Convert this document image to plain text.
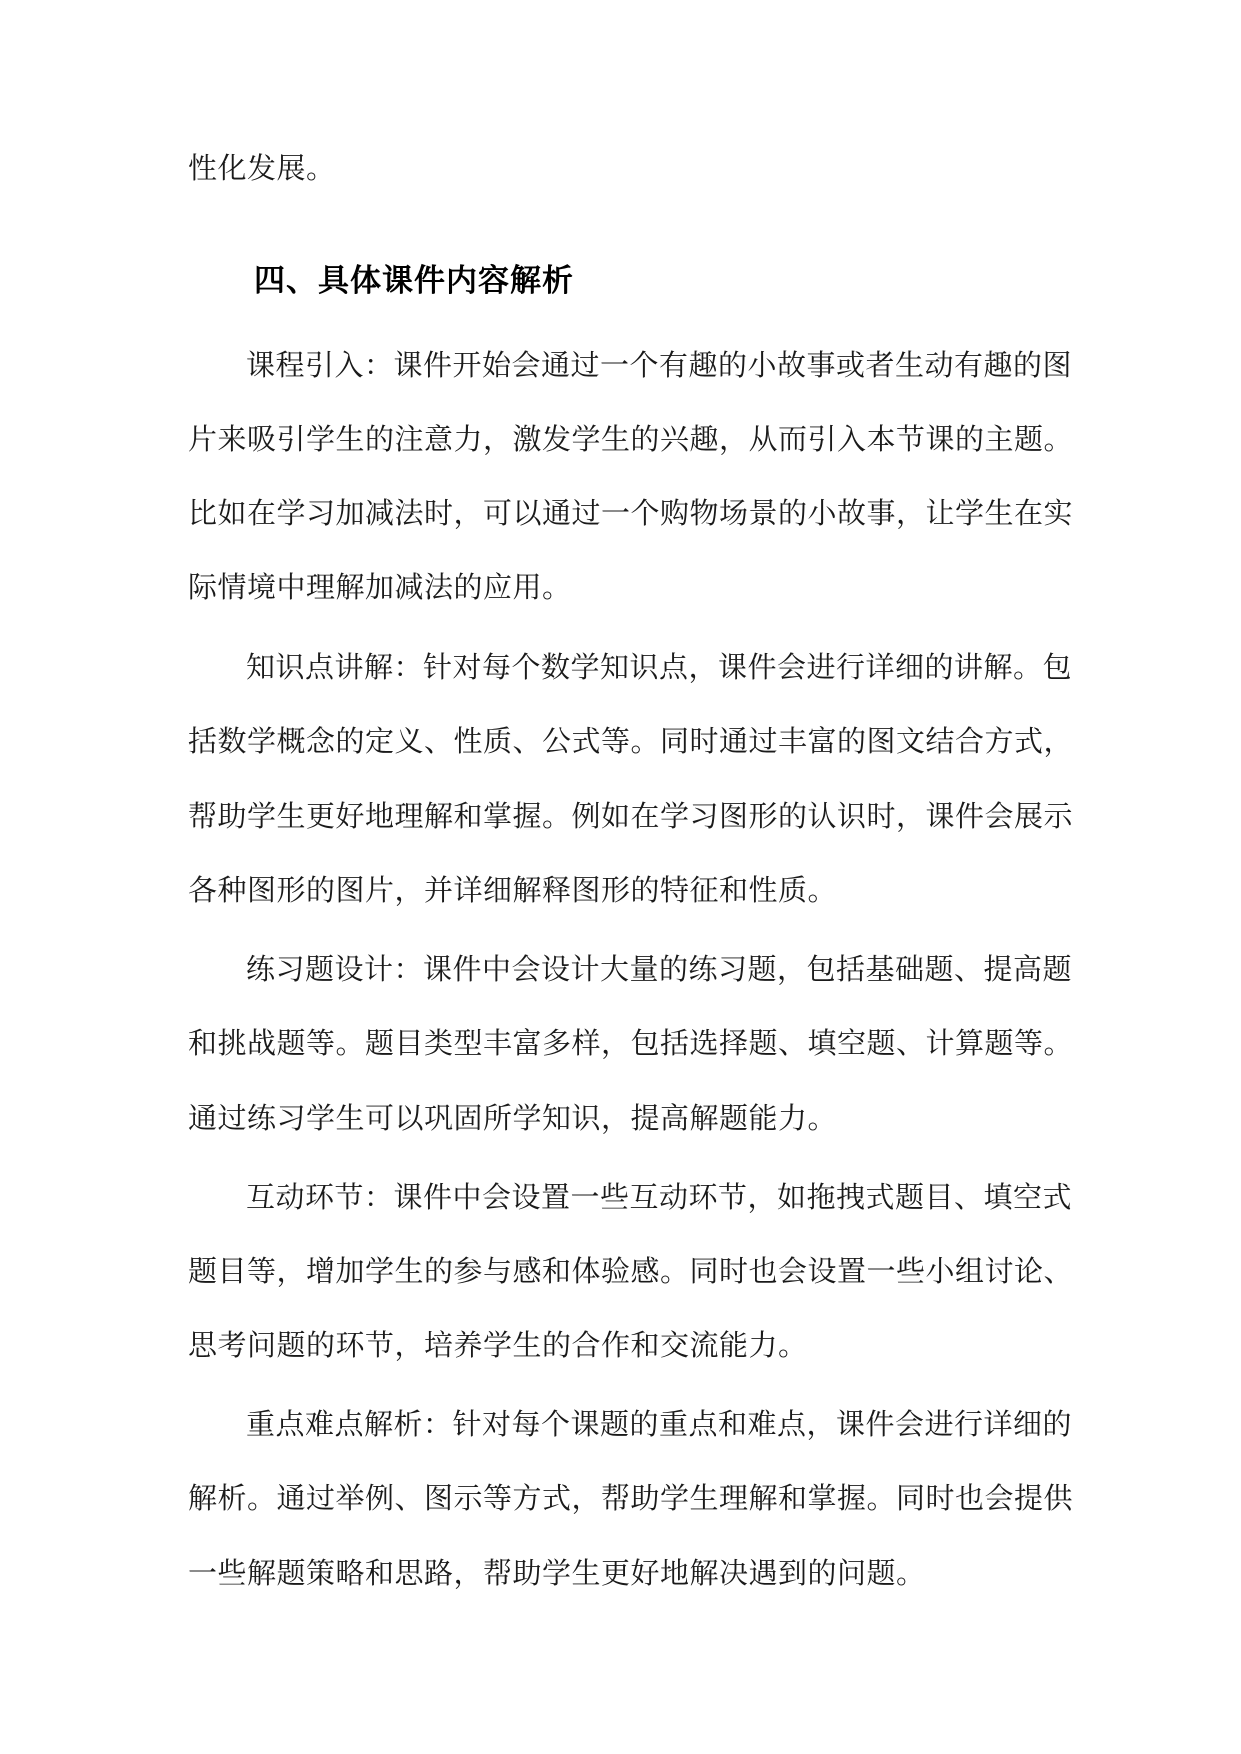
性化发展。
四、具体课件内容解析
课程引入：课件开始会通过一个有趣的小故事或者生动有趣的图
片来吸引学生的注意力，激发学生的兴趣，从而引入本节课的主题。
比如在学习加减法时，可以通过一个购物场景的小故事，让学生在实
际情境中理解加减法的应用。
知识点讲解：针对每个数学知识点，课件会进行详细的讲解。包
括数学概念的定义、性质、公式等。同时通过丰富的图文结合方式，
帮助学生更好地理解和掌握。例如在学习图形的认识时，课件会展示
各种图形的图片，并详细解释图形的特征和性质。
练习题设计：课件中会设计大量的练习题，包括基础题、提高题
和挑战题等。题目类型丰富多样，包括选择题、填空题、计算题等。
通过练习学生可以巩固所学知识，提高解题能力。
互动环节：课件中会设置一些互动环节，如拖拽式题目、填空式
题目等，增加学生的参与感和体验感。同时也会设置一些小组讨论、
思考问题的环节，培养学生的合作和交流能力。
重点难点解析：针对每个课题的重点和难点，课件会进行详细的
解析。通过举例、图示等方式，帮助学生理解和掌握。同时也会提供
一些解题策略和思路，帮助学生更好地解决遇到的问题。
